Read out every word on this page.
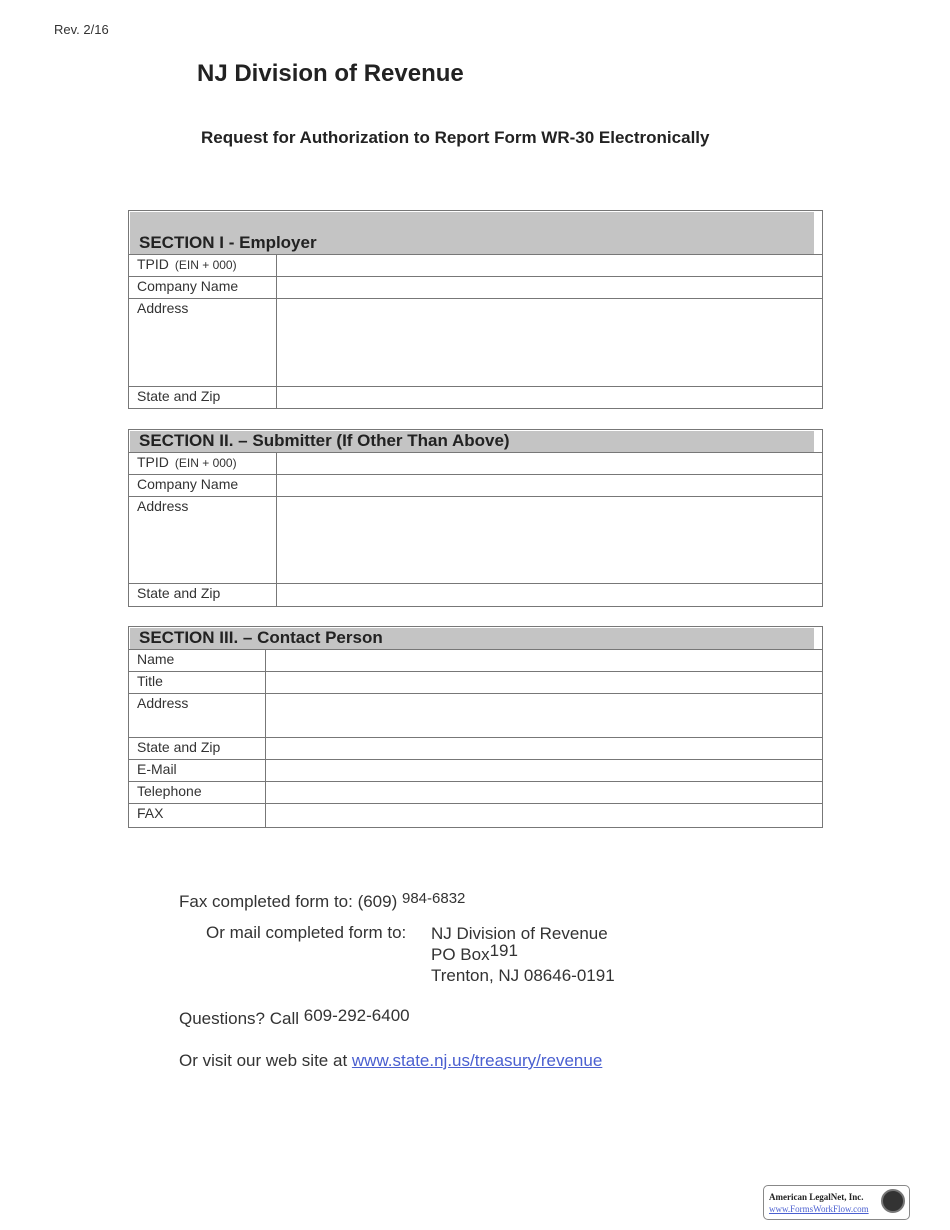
Rev. 2/16
NJ Division of Revenue
Request for Authorization to Report Form WR-30 Electronically
SECTION I - Employer
TPID (EIN + 000)
Company Name
Address
State and Zip
SECTION II. – Submitter (If Other Than Above)
TPID (EIN + 000)
Company Name
Address
State and Zip
SECTION III. – Contact Person
Name
Title
Address
State and Zip
E-Mail
Telephone
FAX
Fax completed form to: (609) 984-6832
Or mail completed form to: NJ Division of Revenue
PO Box191
Trenton, NJ 08646-0191
Questions? Call 609-292-6400
Or visit our web site at www.state.nj.us/treasury/revenue
American LegalNet, Inc.
www.FormsWorkFlow.com
